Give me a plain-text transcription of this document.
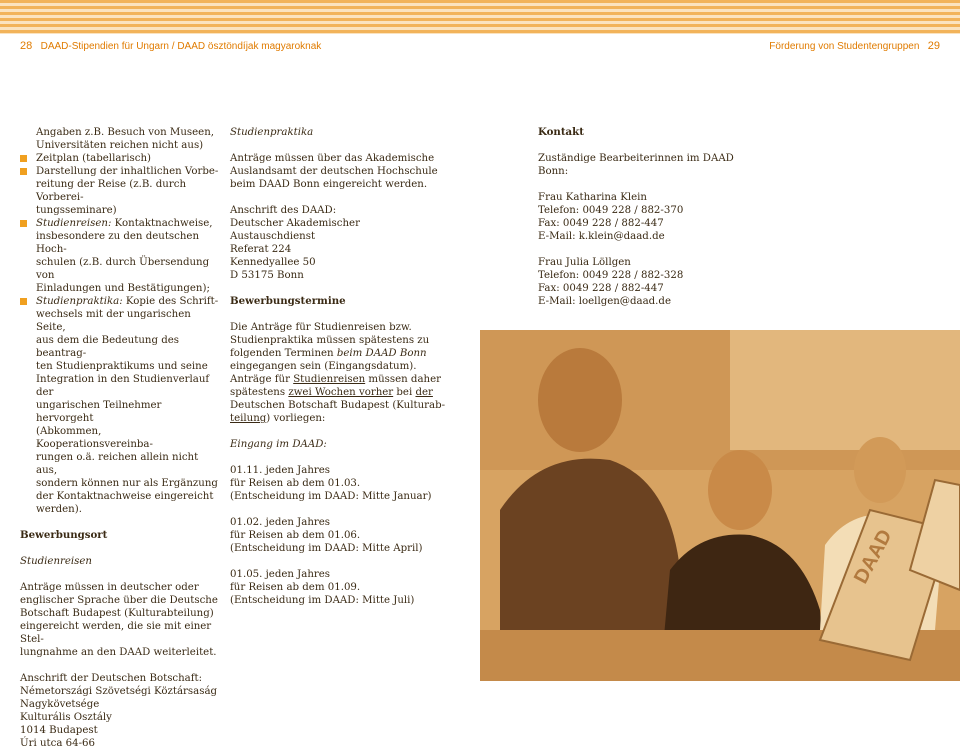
28 DAAD-Stipendien für Ungarn / DAAD ösztöndíjak magyaroknak	Förderung von Studentengruppen 29

Angaben z.B. Besuch von Museen,

Universitäten reichen nicht aus)

Zeitplan (tabellarisch)

Darstellung der inhaltlichen Vorbe-

reitung der Reise (z.B. durch Vorberei-

tungsseminare)

Studienreisen: Kontaktnachweise,

insbesondere zu den deutschen Hoch-

schulen (z.B. durch Übersendung von

Einladungen und Bestätigungen);

Studienpraktika: Kopie des Schrift-

wechsels mit der ungarischen Seite,

aus dem die Bedeutung des beantrag-

ten Studienpraktikums und seine

Integration in den Studienverlauf der

ungarischen Teilnehmer hervorgeht

(Abkommen, Kooperationsvereinba-

rungen o.ä. reichen allein nicht aus,

sondern können nur als Ergänzung

der Kontaktnachweise eingereicht

werden).

Bewerbungsort

Studienreisen

Anträge müssen in deutscher oder

englischer Sprache über die Deutsche

Botschaft Budapest (Kulturabteilung)

eingereicht werden, die sie mit einer Stel-

lungnahme an den DAAD weiterleitet.

Anschrift der Deutschen Botschaft:

Németországi Szövetségi Köztársaság

Nagykövetsége

Kulturális Osztály

1014 Budapest

Úri utca 64-66

Studienpraktika

Anträge müssen über das Akademische

Auslandsamt der deutschen Hochschule

beim DAAD Bonn eingereicht werden.

Anschrift des DAAD:

Deutscher Akademischer

Austauschdienst

Referat 224

Kennedyallee 50

D 53175 Bonn

Bewerbungstermine

Die Anträge für Studienreisen bzw.

Studienpraktika müssen spätestens zu

folgenden Terminen beim DAAD Bonn

eingegangen sein (Eingangsdatum).

Anträge für Studienreisen müssen daher

spätestens zwei Wochen vorher bei der

Deutschen Botschaft Budapest (Kulturab-

teilung) vorliegen:

Eingang im DAAD:

01.11. jeden Jahres

für Reisen ab dem 01.03.

(Entscheidung im DAAD: Mitte Januar)

01.02. jeden Jahres

für Reisen ab dem 01.06.

(Entscheidung im DAAD: Mitte April)

01.05. jeden Jahres

für Reisen ab dem 01.09.

(Entscheidung im DAAD: Mitte Juli)

Kontakt

Zuständige Bearbeiterinnen im DAAD

Bonn:

Frau Katharina Klein

Telefon: 0049 228 / 882-370

Fax: 0049 228 / 882-447

E-Mail: k.klein@daad.de

Frau Julia Löllgen

Telefon: 0049 228 / 882-328

Fax: 0049 228 / 882-447

E-Mail: loellgen@daad.de

DAAD
